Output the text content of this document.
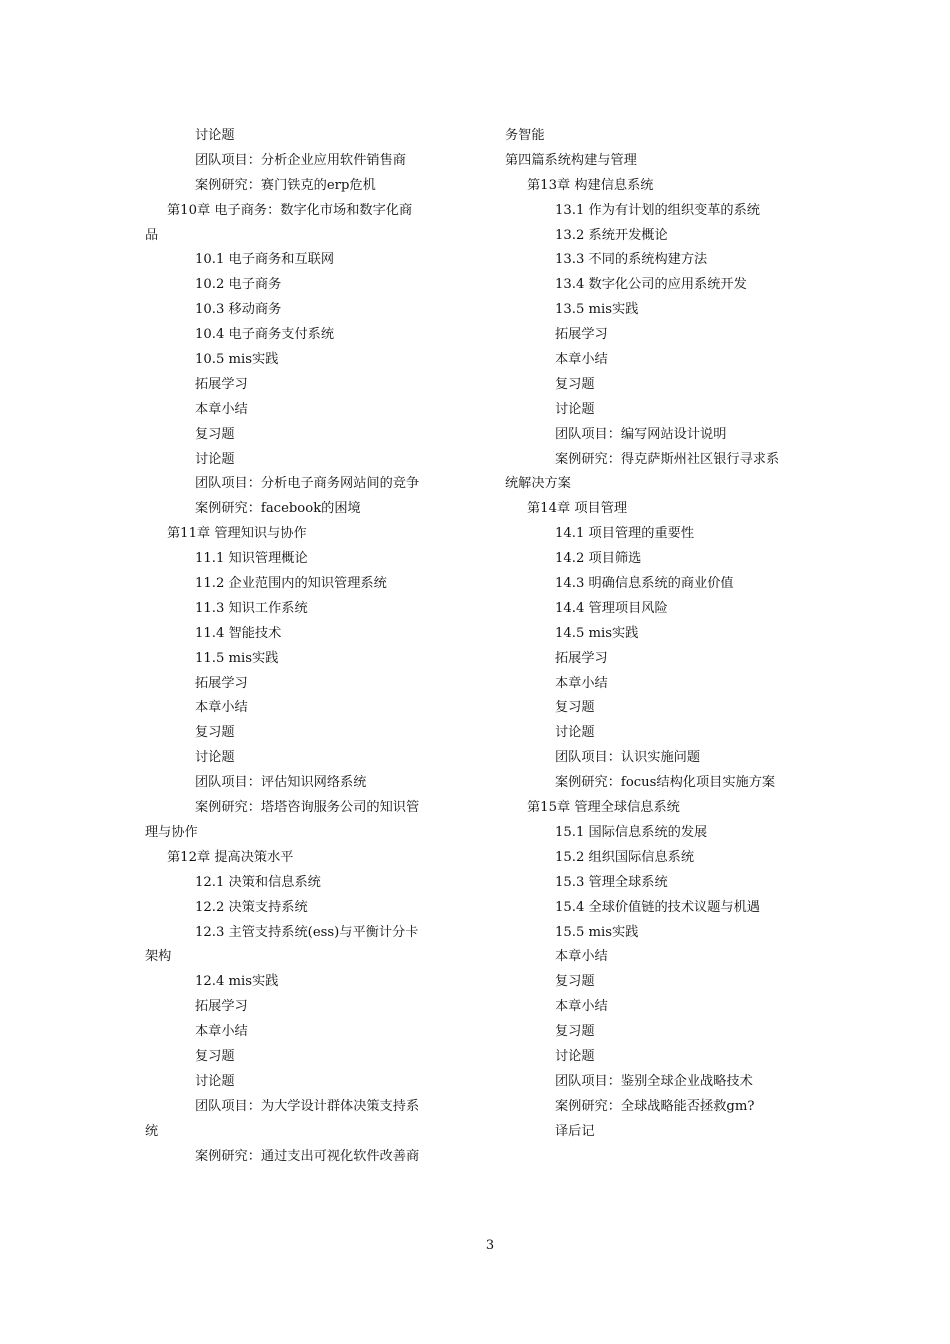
讨论题
团队项目：分析企业应用软件销售商
案例研究：赛门铁克的erp危机
第10章 电子商务：数字化市场和数字化商
品
10.1 电子商务和互联网
10.2 电子商务
10.3 移动商务
10.4 电子商务支付系统
10.5 mis实践
拓展学习
本章小结
复习题
讨论题
团队项目：分析电子商务网站间的竞争
案例研究：facebook的困境
第11章 管理知识与协作
11.1 知识管理概论
11.2 企业范围内的知识管理系统
11.3 知识工作系统
11.4 智能技术
11.5 mis实践
拓展学习
本章小结
复习题
讨论题
团队项目：评估知识网络系统
案例研究：塔塔咨询服务公司的知识管
理与协作
第12章 提高决策水平
12.1 决策和信息系统
12.2 决策支持系统
12.3 主管支持系统(ess)与平衡计分卡
架构
12.4 mis实践
拓展学习
本章小结
复习题
讨论题
团队项目：为大学设计群体决策支持系
统
案例研究：通过支出可视化软件改善商
务智能
第四篇系统构建与管理
第13章 构建信息系统
13.1 作为有计划的组织变革的系统
13.2 系统开发概论
13.3 不同的系统构建方法
13.4 数字化公司的应用系统开发
13.5 mis实践
拓展学习
本章小结
复习题
讨论题
团队项目：编写网站设计说明
案例研究：得克萨斯州社区银行寻求系
统解决方案
第14章 项目管理
14.1 项目管理的重要性
14.2 项目筛选
14.3 明确信息系统的商业价值
14.4 管理项目风险
14.5 mis实践
拓展学习
本章小结
复习题
讨论题
团队项目：认识实施问题
案例研究：focus结构化项目实施方案
第15章 管理全球信息系统
15.1 国际信息系统的发展
15.2 组织国际信息系统
15.3 管理全球系统
15.4 全球价值链的技术议题与机遇
15.5 mis实践
本章小结
复习题
本章小结
复习题
讨论题
团队项目：鉴别全球企业战略技术
案例研究：全球战略能否拯救gm?
译后记
3
